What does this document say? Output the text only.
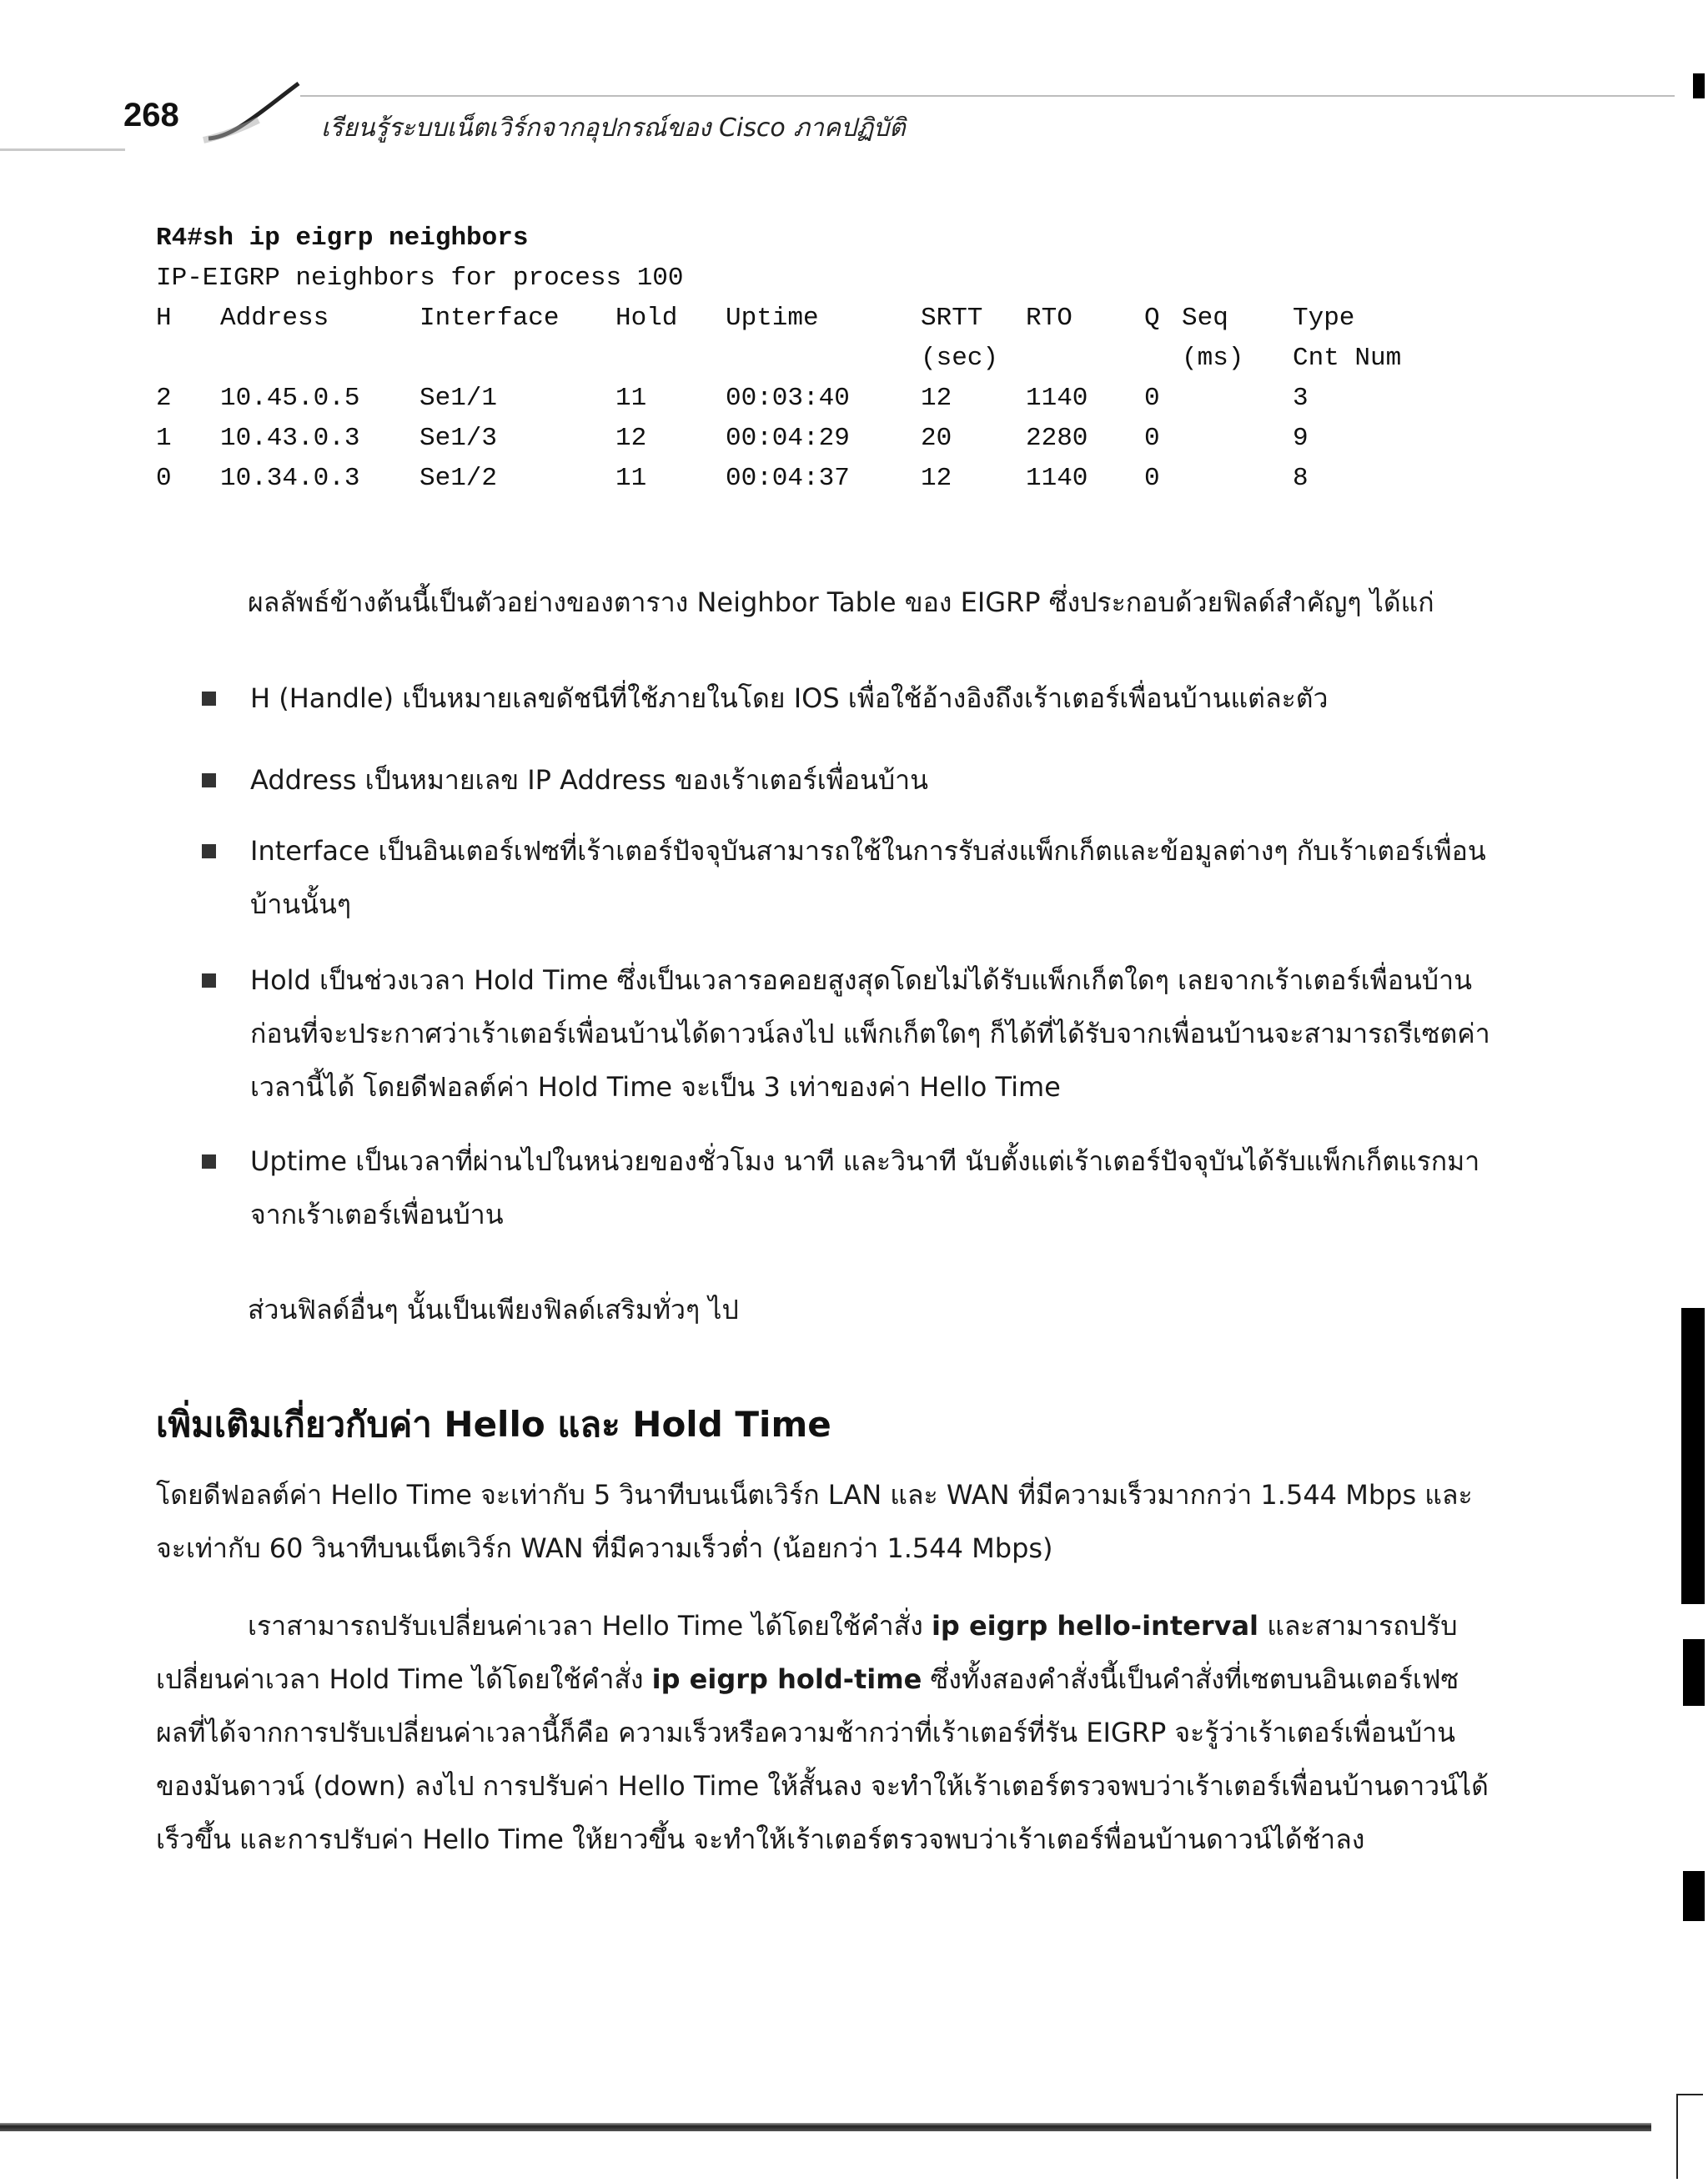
268	เรียนรู้ระบบเน็ตเวิร์กจากอุปกรณ์ของ Cisco ภาคปฏิบัติ
R4#sh ip eigrp neighbors
IP-EIGRP neighbors for process 100
H Address	Interface Hold Uptime	SRTT RTO	Q Seq Type
(sec)	(ms) Cnt Num
2 10.45.0.5 Se1/1	11	00:03:40	12	1140 0	3
1 10.43.0.3 Se1/3	12	00:04:29	20	2280 0	9
0 10.34.0.3 Se1/2	11	00:04:37	12	1140 0	8

ผลลัพธ์ข้างต้นนี้เป็นตัวอย่างของตาราง Neighbor Table ของ EIGRP ซึ่งประกอบด้วยฟิลด์สำคัญๆ ได้แก่

H (Handle) เป็นหมายเลขดัชนีที่ใช้ภายในโดย IOS เพื่อใช้อ้างอิงถึงเร้าเตอร์เพื่อนบ้านแต่ละตัว
Address เป็นหมายเลข IP Address ของเร้าเตอร์เพื่อนบ้าน
Interface เป็นอินเตอร์เฟซที่เร้าเตอร์ปัจจุบันสามารถใช้ในการรับส่งแพ็กเก็ตและข้อมูลต่างๆ กับเร้าเตอร์เพื่อนบ้านนั้นๆ
Hold เป็นช่วงเวลา Hold Time ซึ่งเป็นเวลารอคอยสูงสุดโดยไม่ได้รับแพ็กเก็ตใดๆ เลยจากเร้าเตอร์เพื่อนบ้านก่อนที่จะประกาศว่าเร้าเตอร์เพื่อนบ้านได้ดาวน์ลงไป แพ็กเก็ตใดๆ ก็ได้ที่ได้รับจากเพื่อนบ้านจะสามารถรีเซตค่าเวลานี้ได้ โดยดีฟอลต์ค่า Hold Time จะเป็น 3 เท่าของค่า Hello Time
Uptime เป็นเวลาที่ผ่านไปในหน่วยของชั่วโมง นาที และวินาที นับตั้งแต่เร้าเตอร์ปัจจุบันได้รับแพ็กเก็ตแรกมาจากเร้าเตอร์เพื่อนบ้าน

ส่วนฟิลด์อื่นๆ นั้นเป็นเพียงฟิลด์เสริมทั่วๆ ไป

เพิ่มเติมเกี่ยวกับค่า Hello และ Hold Time

โดยดีฟอลต์ค่า Hello Time จะเท่ากับ 5 วินาทีบนเน็ตเวิร์ก LAN และ WAN ที่มีความเร็วมากกว่า 1.544 Mbps และจะเท่ากับ 60 วินาทีบนเน็ตเวิร์ก WAN ที่มีความเร็วต่ำ (น้อยกว่า 1.544 Mbps)

เราสามารถปรับเปลี่ยนค่าเวลา Hello Time ได้โดยใช้คำสั่ง ip eigrp hello-interval และสามารถปรับเปลี่ยนค่าเวลา Hold Time ได้โดยใช้คำสั่ง ip eigrp hold-time ซึ่งทั้งสองคำสั่งนี้เป็นคำสั่งที่เซตบนอินเตอร์เฟซ ผลที่ได้จากการปรับเปลี่ยนค่าเวลานี้ก็คือ ความเร็วหรือความช้ากว่าที่เร้าเตอร์ที่รัน EIGRP จะรู้ว่าเร้าเตอร์เพื่อนบ้านของมันดาวน์ (down) ลงไป การปรับค่า Hello Time ให้สั้นลง จะทำให้เร้าเตอร์ตรวจพบว่าเร้าเตอร์เพื่อนบ้านดาวน์ได้เร็วขึ้น และการปรับค่า Hello Time ให้ยาวขึ้น จะทำให้เร้าเตอร์ตรวจพบว่าเร้าเตอร์พื่อนบ้านดาวน์ได้ช้าลง
